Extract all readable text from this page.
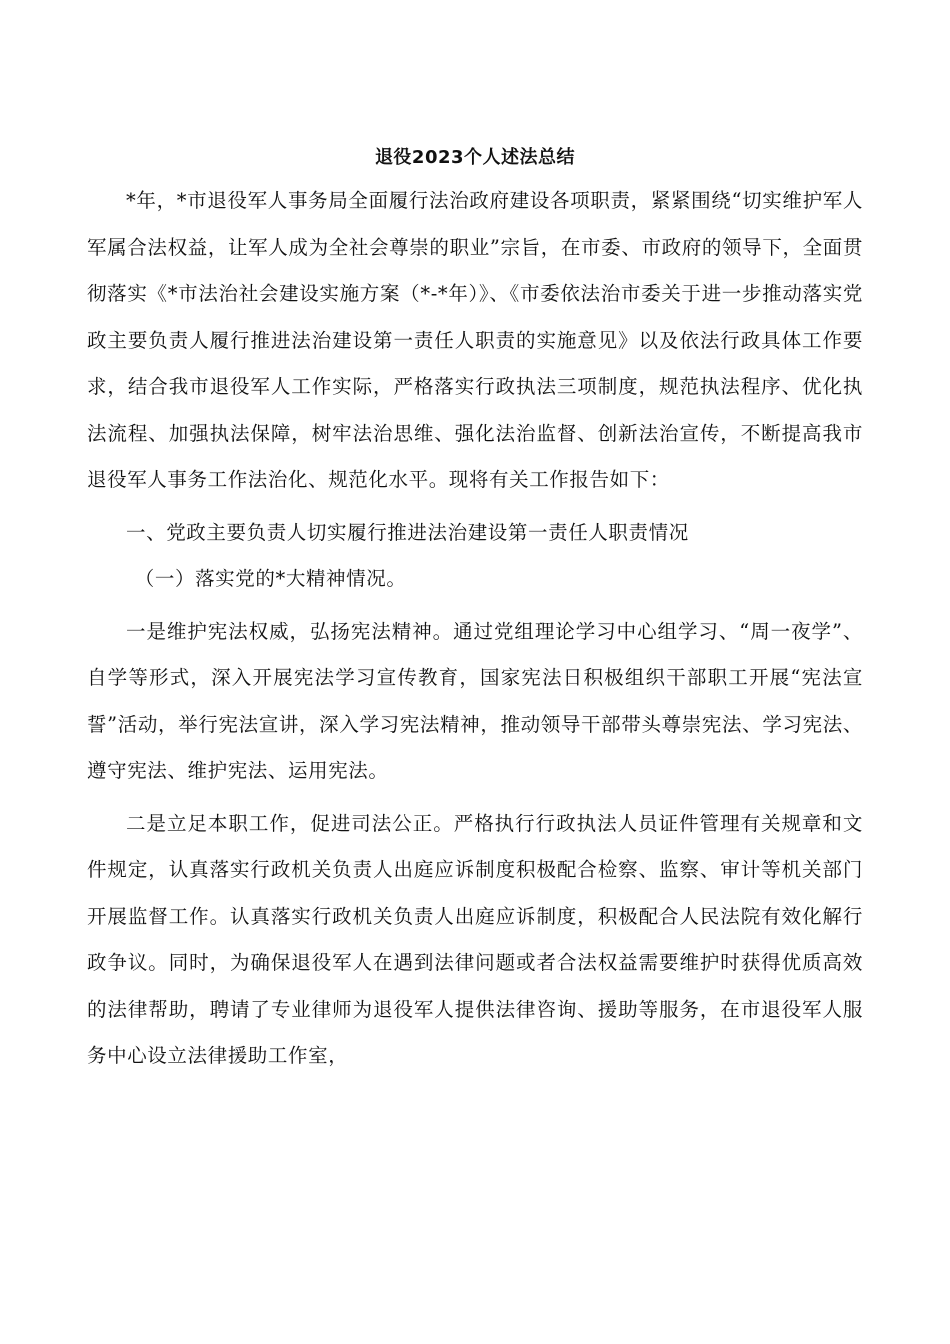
退役2023个人述法总结

*年，*市退役军人事务局全面履行法治政府建设各项职责，紧紧围绕“切实维护军人军属合法权益，让军人成为全社会尊崇的职业”宗旨，在市委、市政府的领导下，全面贯彻落实《*市法治社会建设实施方案（*-*年）》、《市委依法治市委关于进一步推动落实党政主要负责人履行推进法治建设第一责任人职责的实施意见》以及依法行政具体工作要求，结合我市退役军人工作实际，严格落实行政执法三项制度，规范执法程序、优化执法流程、加强执法保障，树牢法治思维、强化法治监督、创新法治宣传，不断提高我市退役军人事务工作法治化、规范化水平。现将有关工作报告如下：

一、党政主要负责人切实履行推进法治建设第一责任人职责情况

（一）落实党的*大精神情况。

一是维护宪法权威，弘扬宪法精神。通过党组理论学习中心组学习、“周一夜学”、自学等形式，深入开展宪法学习宣传教育，国家宪法日积极组织干部职工开展“宪法宣誓”活动，举行宪法宣讲，深入学习宪法精神，推动领导干部带头尊崇宪法、学习宪法、遵守宪法、维护宪法、运用宪法。

二是立足本职工作，促进司法公正。严格执行行政执法人员证件管理有关规章和文件规定，认真落实行政机关负责人出庭应诉制度积极配合检察、监察、审计等机关部门开展监督工作。认真落实行政机关负责人出庭应诉制度，积极配合人民法院有效化解行政争议。同时，为确保退役军人在遇到法律问题或者合法权益需要维护时获得优质高效的法律帮助，聘请了专业律师为退役军人提供法律咨询、援助等服务，在市退役军人服务中心设立法律援助工作室，
